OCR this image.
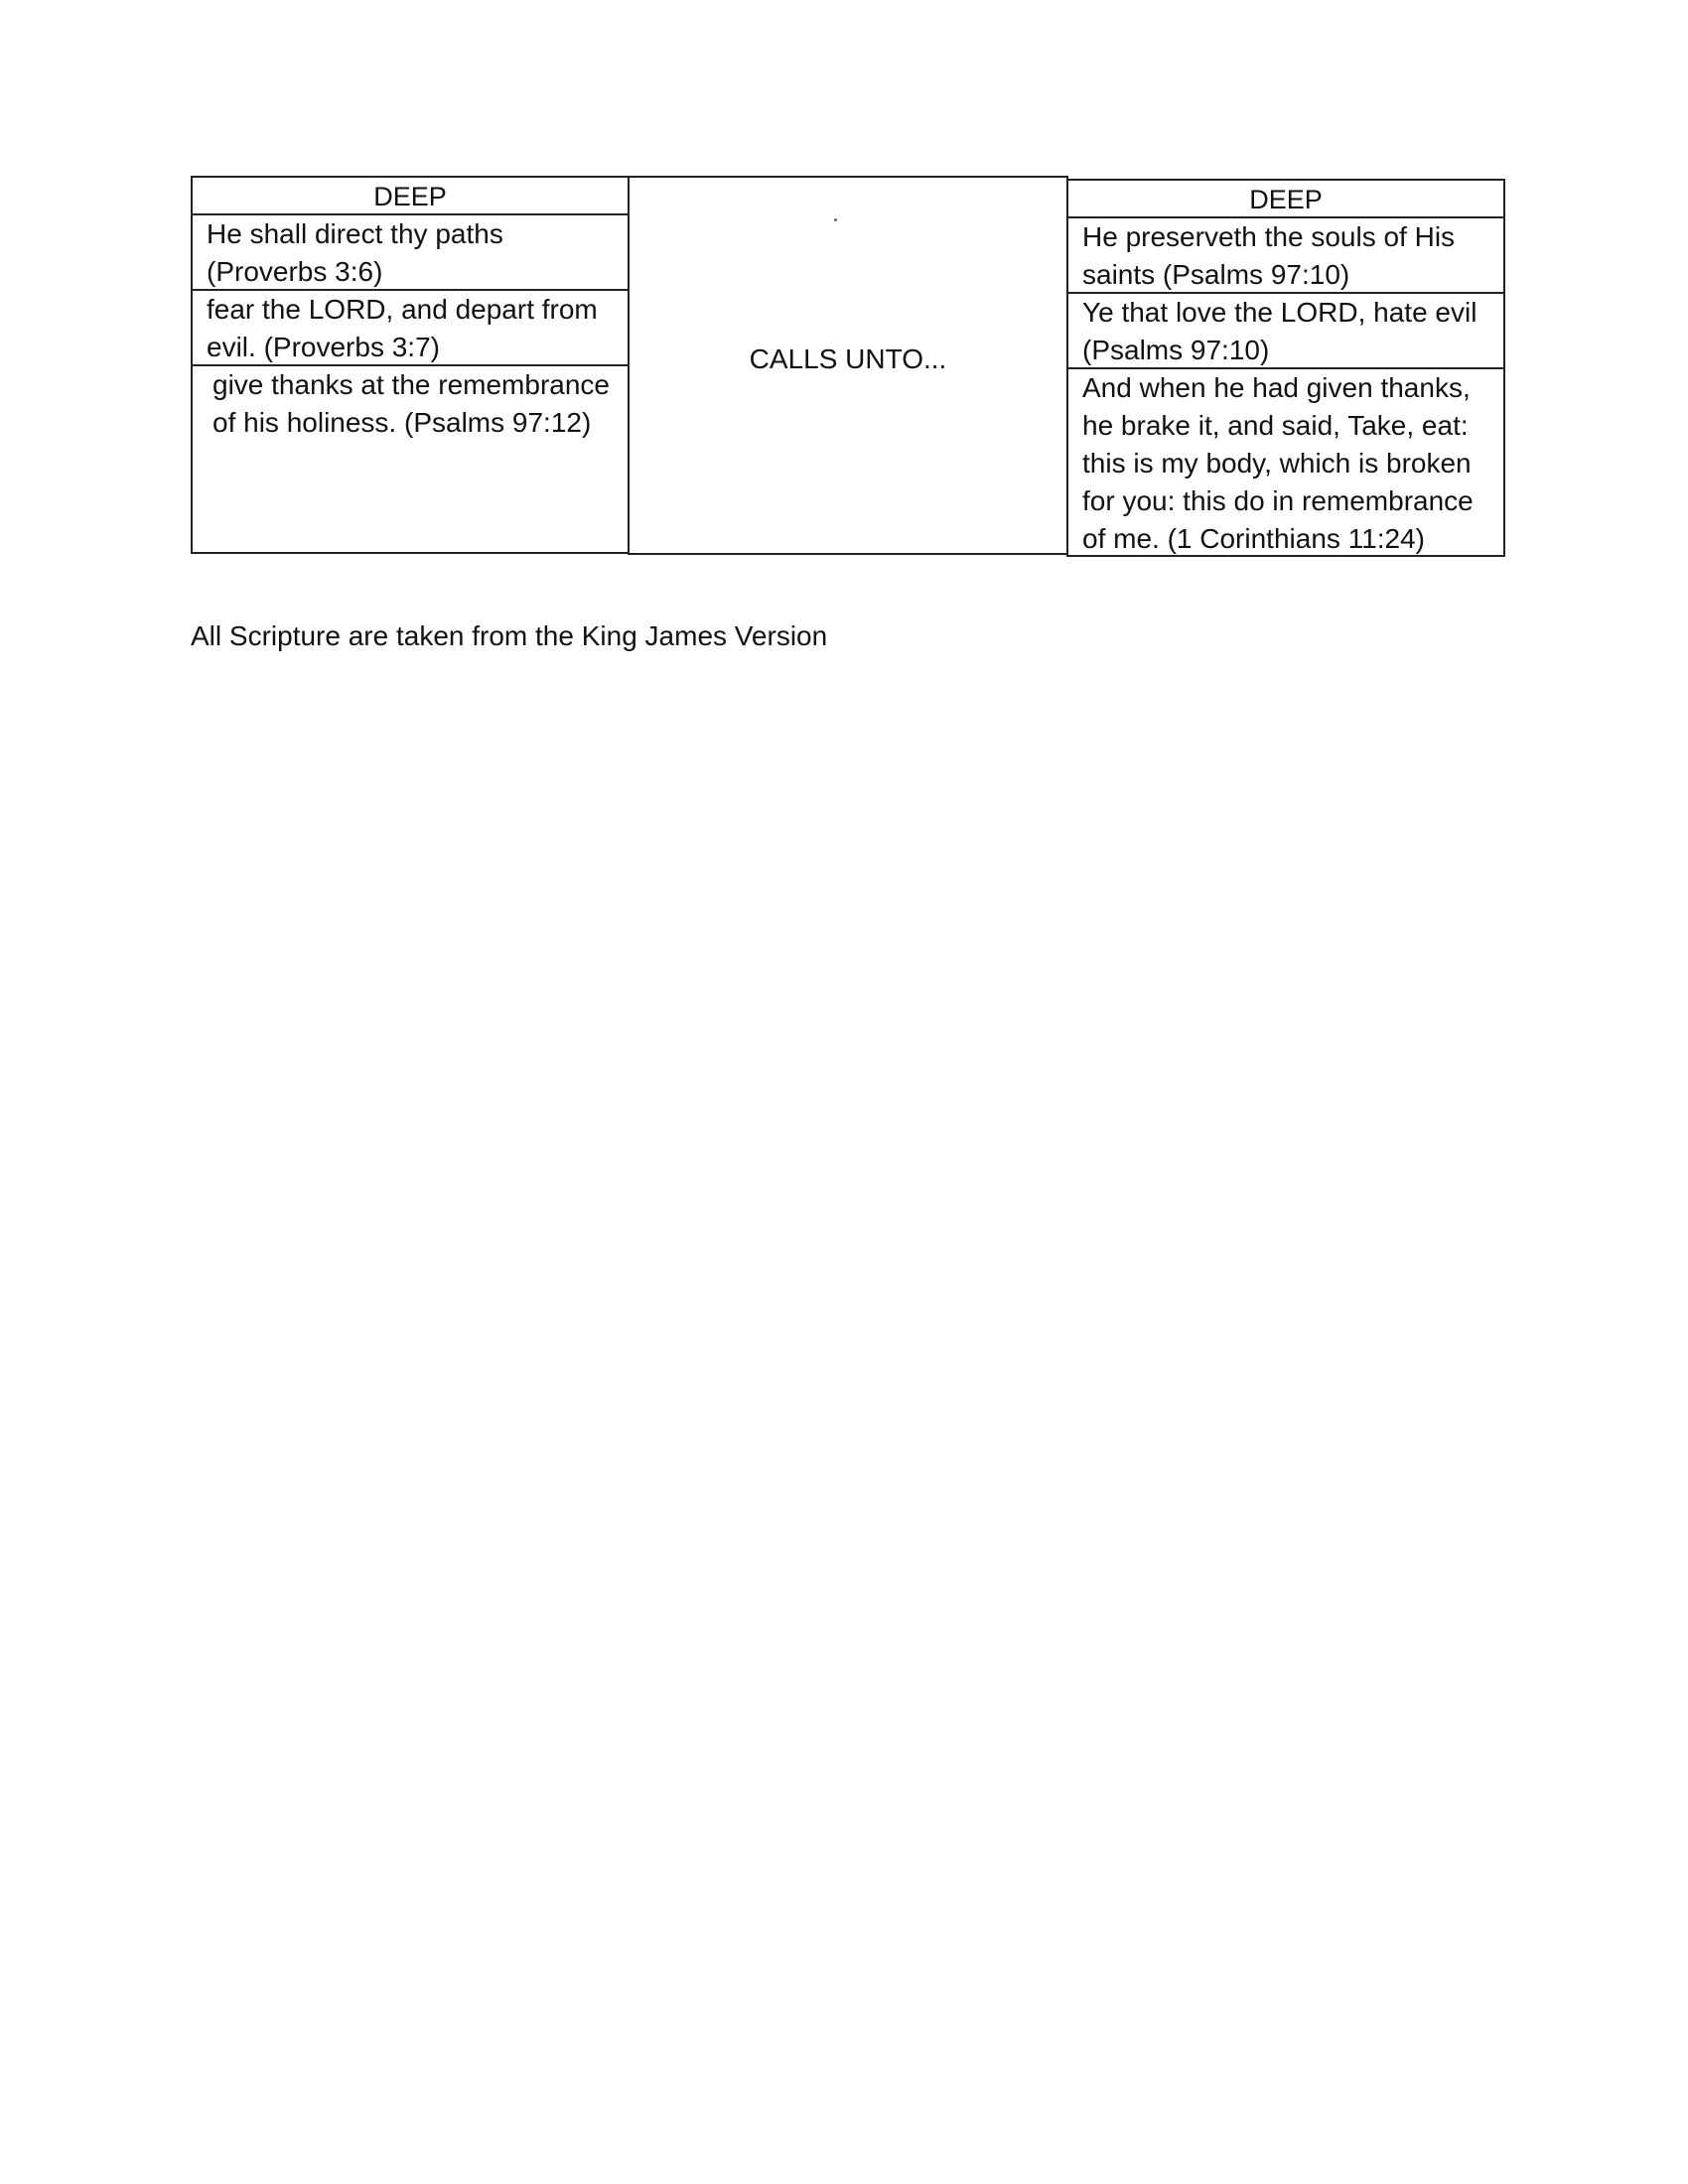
DEEP
He shall direct thy paths (Proverbs 3:6)
fear the LORD, and depart from evil. (Proverbs 3:7)
give thanks at the remembrance of his holiness. (Psalms 97:12)
CALLS UNTO...
DEEP
He preserveth the souls of His saints (Psalms 97:10)
Ye that love the LORD, hate evil (Psalms 97:10)
And when he had given thanks, he brake it, and said, Take, eat: this is my body, which is broken for you: this do in remembrance of me. (1 Corinthians 11:24)
All Scripture are taken from the King James Version
